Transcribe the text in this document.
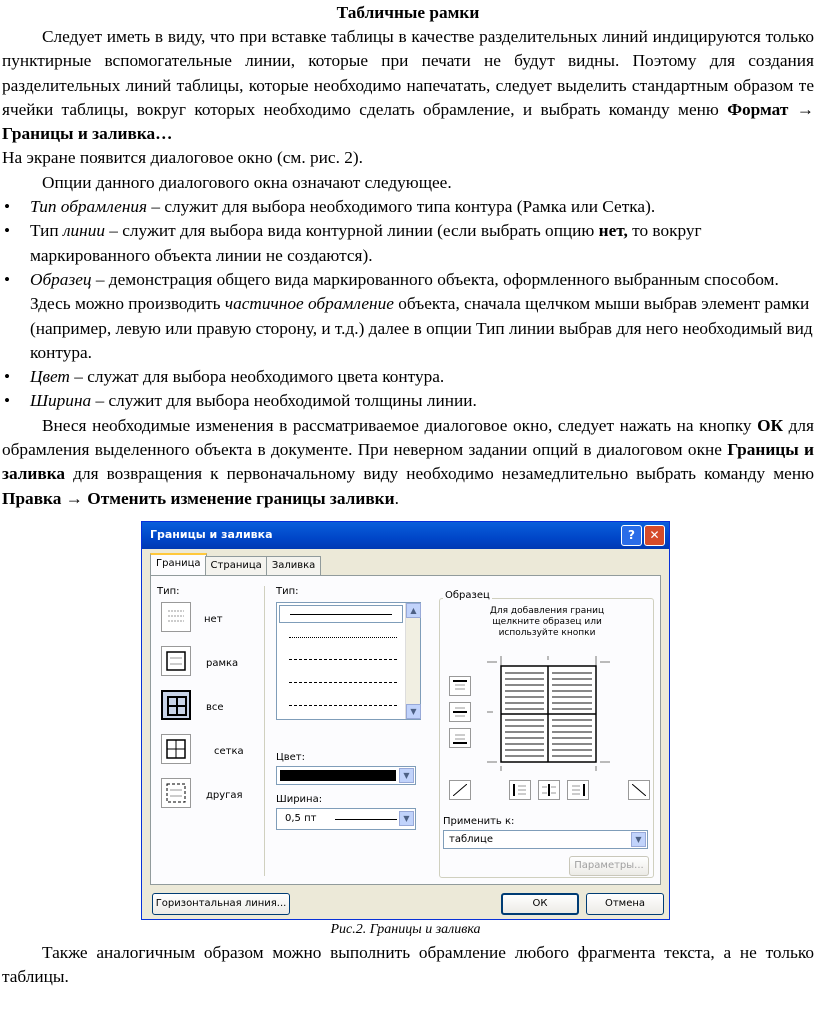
Табличные рамки
Следует иметь в виду, что при вставке таблицы в качестве разделительных линий индицируются только пунктирные вспомогательные линии, которые при печати не будут видны. Поэтому для создания разделительных линий таблицы, которые необходимо напечатать, следует выделить стандартным образом те ячейки таблицы, вокруг которых необходимо сделать обрамление, и выбрать команду меню Формат → Границы и заливка…
На экране появится диалоговое окно (см. рис. 2).
Опции данного диалогового окна означают следующее.
• Тип обрамления – служит для выбора необходимого типа контура (Рамка или Сетка).
• Тип линии – служит для выбора вида контурной линии (если выбрать опцию нет, то вокруг маркированного объекта линии не создаются).
• Образец – демонстрация общего вида маркированного объекта, оформленного выбранным способом. Здесь можно производить частичное обрамление объекта, сначала щелчком мыши выбрав элемент рамки (например, левую или правую сторону, и т.д.) далее в опции Тип линии выбрав для него необходимый вид контура.
• Цвет – служат для выбора необходимого цвета контура.
• Ширина – служит для выбора необходимой толщины линии.
Внеся необходимые изменения в рассматриваемое диалоговое окно, следует нажать на кнопку ОК для обрамления выделенного объекта в документе. При неверном задании опций в диалоговом окне Границы и заливка для возвращения к первоначальному виду необходимо незамедлительно выбрать команду меню Правка → Отменить изменение границы заливки.
Границы и заливка	?	✕
Граница Страница Заливка
Тип:
нет
рамка
все
сетка
другая
Тип:
▲
▼
Цвет:
▼
Ширина:
0,5 пт	▼
Образец
Для добавления границ щелкните образец или используйте кнопки
Применить к:
таблице	▼
Параметры...
Горизонтальная линия...	ОК	Отмена
Рис.2. Границы и заливка
Также аналогичным образом можно выполнить обрамление любого фрагмента текста, а не только таблицы.
